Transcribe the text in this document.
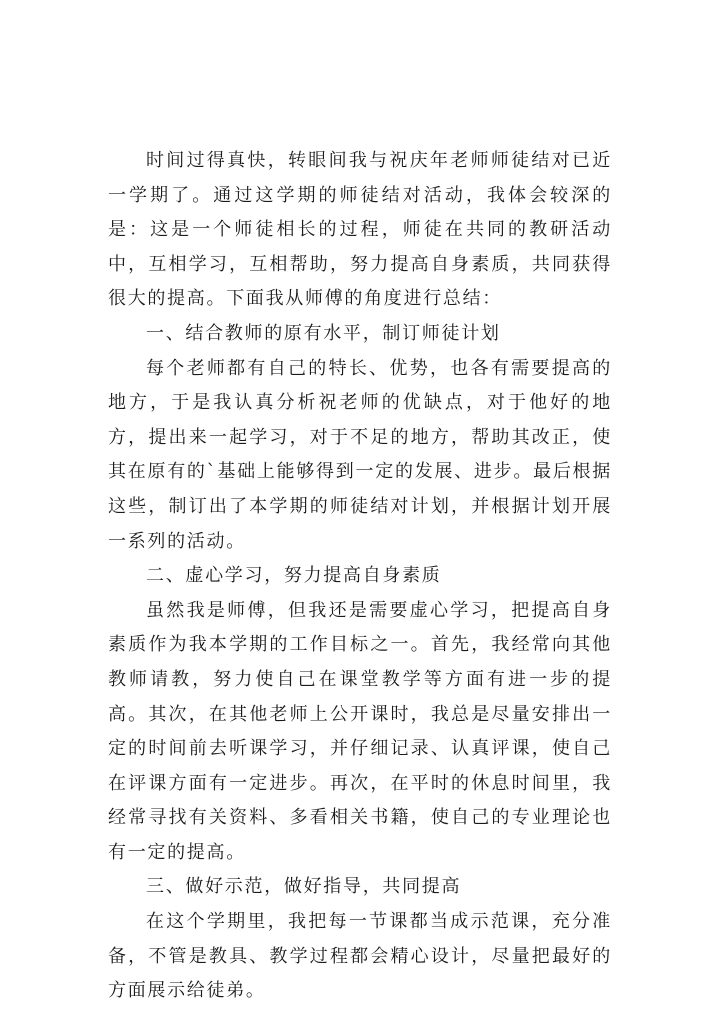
时间过得真快，转眼间我与祝庆年老师师徒结对已近一学期了。通过这学期的师徒结对活动，我体会较深的是：这是一个师徒相长的过程，师徒在共同的教研活动中，互相学习，互相帮助，努力提高自身素质，共同获得很大的提高。下面我从师傅的角度进行总结：

一、结合教师的原有水平，制订师徒计划

每个老师都有自己的特长、优势，也各有需要提高的地方，于是我认真分析祝老师的优缺点，对于他好的地方，提出来一起学习，对于不足的地方，帮助其改正，使其在原有的`基础上能够得到一定的发展、进步。最后根据这些，制订出了本学期的师徒结对计划，并根据计划开展一系列的活动。

二、虚心学习，努力提高自身素质

虽然我是师傅，但我还是需要虚心学习，把提高自身素质作为我本学期的工作目标之一。首先，我经常向其他教师请教，努力使自己在课堂教学等方面有进一步的提高。其次，在其他老师上公开课时，我总是尽量安排出一定的时间前去听课学习，并仔细记录、认真评课，使自己在评课方面有一定进步。再次，在平时的休息时间里，我经常寻找有关资料、多看相关书籍，使自己的专业理论也有一定的提高。

三、做好示范，做好指导，共同提高

在这个学期里，我把每一节课都当成示范课，充分准备，不管是教具、教学过程都会精心设计，尽量把最好的方面展示给徒弟。
